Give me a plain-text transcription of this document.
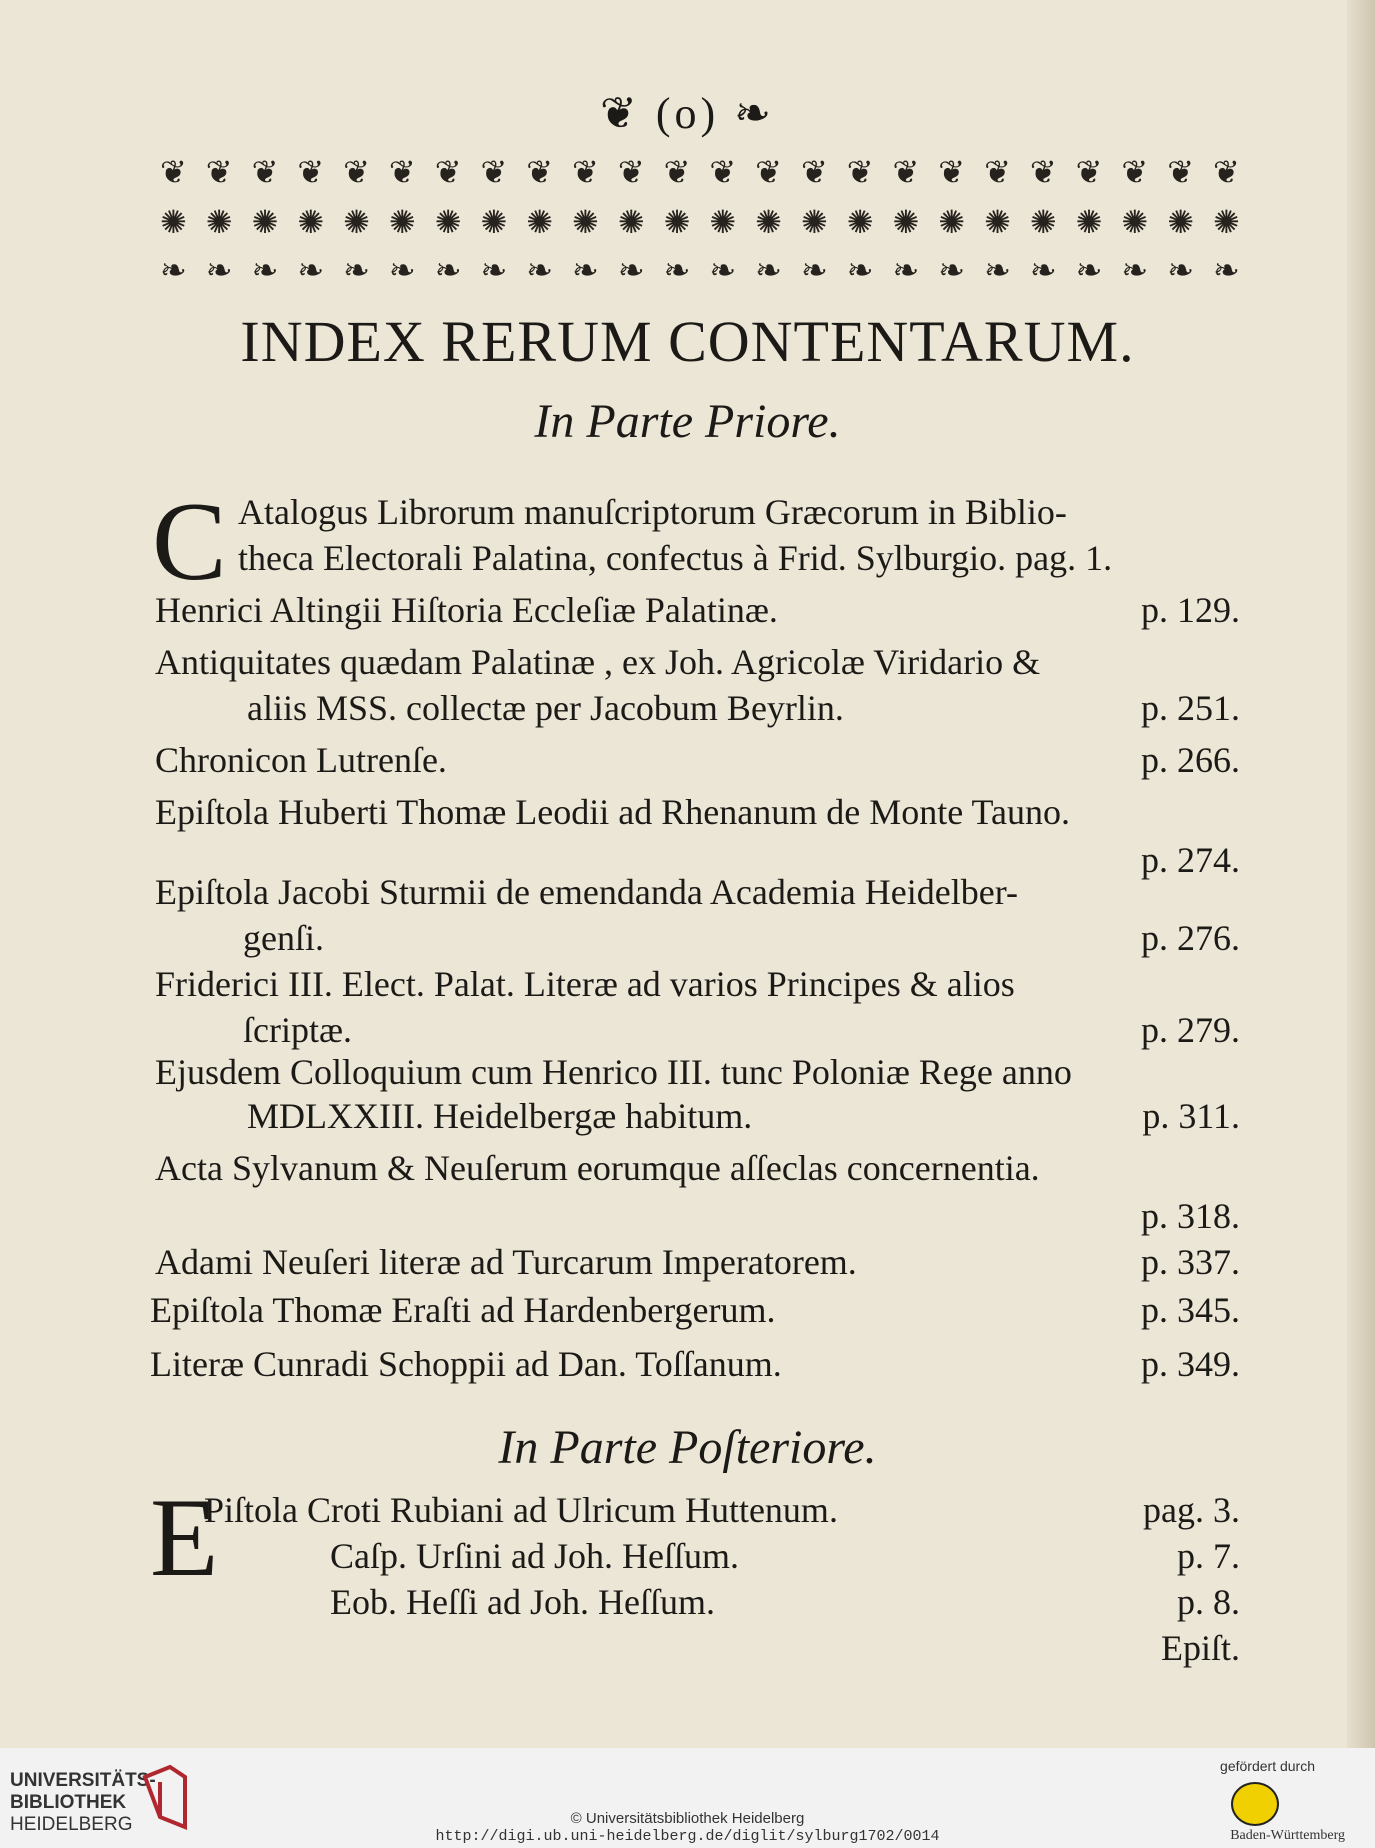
❦ (o) ❧
❦ ❦ ❦ ❦ ❦ ❦ ❦ ❦ ❦ ❦ ❦ ❦ ❦ ❦ ❦ ❦ ❦ ❦ ❦ ❦ ❦ ❦ ❦ ❦
✺ ✺ ✺ ✺ ✺ ✺ ✺ ✺ ✺ ✺ ✺ ✺ ✺ ✺ ✺ ✺ ✺ ✺ ✺ ✺ ✺ ✺ ✺ ✺
❧ ❧ ❧ ❧ ❧ ❧ ❧ ❧ ❧ ❧ ❧ ❧ ❧ ❧ ❧ ❧ ❧ ❧ ❧ ❧ ❧ ❧ ❧ ❧
INDEX RERUM CONTENTARUM.
In Parte Priore.
C Atalogus Librorum manuſcriptorum Græcorum in Biblio-
theca Electorali Palatina, confectus à Frid. Sylburgio. pag. 1.
Henrici Altingii Hiſtoria Eccleſiæ Palatinæ.	p. 129.
Antiquitates quædam Palatinæ , ex Joh. Agricolæ Viridario &
aliis MSS. collectæ per Jacobum Beyrlin.	p. 251.
Chronicon Lutrenſe.	p. 266.
Epiſtola Huberti Thomæ Leodii ad Rhenanum de Monte Tauno.
p. 274.
Epiſtola Jacobi Sturmii de emendanda Academia Heidelber-
genſi.	p. 276.
Friderici III. Elect. Palat. Literæ ad varios Principes & alios
ſcriptæ.	p. 279.
Ejusdem Colloquium cum Henrico III. tunc Poloniæ Rege anno
MDLXXIII. Heidelbergæ habitum.	p. 311.
Acta Sylvanum & Neuſerum eorumque aſſeclas concernentia.
p. 318.
Adami Neuſeri literæ ad Turcarum Imperatorem.	p. 337.
Epiſtola Thomæ Eraſti ad Hardenbergerum.	p. 345.
Literæ Cunradi Schoppii ad Dan. Toſſanum.	p. 349.
In Parte Poſteriore.
E
Piſtola Croti Rubiani ad Ulricum Huttenum.	pag. 3.
Caſp. Urſini ad Joh. Heſſum.	p. 7.
Eob. Heſſi ad Joh. Heſſum.	p. 8.
Epiſt.
UNIVERSITÄTS-
BIBLIOTHEK
HEIDELBERG	© Universitätsbibliothek Heidelberg
http://digi.ub.uni-heidelberg.de/diglit/sylburg1702/0014
gefördert durch
Baden-Württemberg
